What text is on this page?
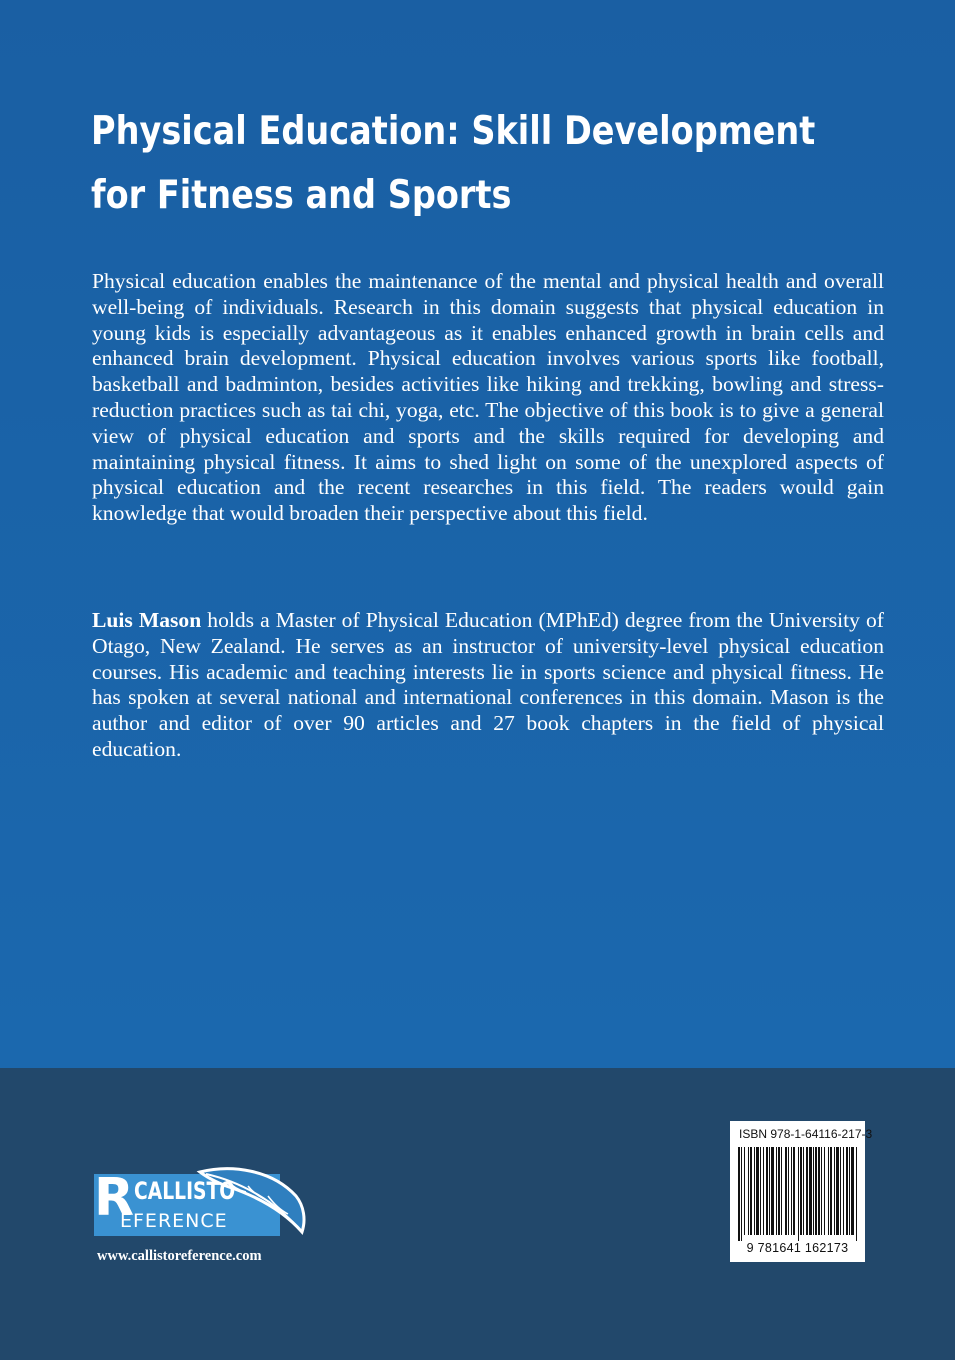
Physical Education: Skill Development for Fitness and Sports

Physical education enables the maintenance of the mental and physical health and overall well-being of individuals. Research in this domain suggests that physical education in young kids is especially advantageous as it enables enhanced growth in brain cells and enhanced brain development. Physical education involves various sports like football, basketball and badminton, besides activities like hiking and trekking, bowling and stress-reduction practices such as tai chi, yoga, etc. The objective of this book is to give a general view of physical education and sports and the skills required for developing and maintaining physical fitness. It aims to shed light on some of the unexplored aspects of physical education and the recent researches in this field. The readers would gain knowledge that would broaden their perspective about this field.

Luis Mason holds a Master of Physical Education (MPhEd) degree from the University of Otago, New Zealand. He serves as an instructor of university-level physical education courses. His academic and teaching interests lie in sports science and physical fitness. He has spoken at several national and international conferences in this domain. Mason is the author and editor of over 90 articles and 27 book chapters in the field of physical education.

R CALLISTO
EFERENCE
www.callistoreference.com
ISBN 978-1-64116-217-3
9 781641 162173
